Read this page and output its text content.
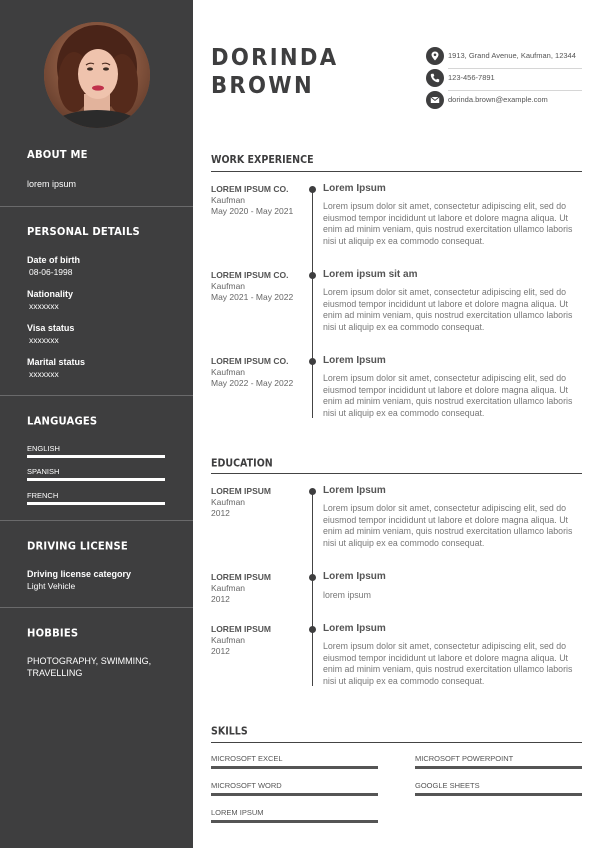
ABOUT ME
lorem ipsum
PERSONAL DETAILS
Date of birth
08-06-1998
Nationality
xxxxxxx
Visa status
xxxxxxx
Marital status
xxxxxxx
LANGUAGES
ENGLISH
SPANISH
FRENCH
DRIVING LICENSE
Driving license category
Light Vehicle
HOBBIES
PHOTOGRAPHY, SWIMMING,
TRAVELLING
DORINDA
BROWN
1913, Grand Avenue, Kaufman, 12344
123-456-7891
dorinda.brown@example.com
WORK EXPERIENCE
LOREM IPSUM CO.
Kaufman
May 2020 - May 2021
Lorem Ipsum
Lorem ipsum dolor sit amet, consectetur adipiscing elit, sed do eiusmod tempor incididunt ut labore et dolore magna aliqua. Ut enim ad minim veniam, quis nostrud exercitation ullamco laboris nisi ut aliquip ex ea commodo consequat.
LOREM IPSUM CO.
Kaufman
May 2021 - May 2022
Lorem ipsum sit am
Lorem ipsum dolor sit amet, consectetur adipiscing elit, sed do eiusmod tempor incididunt ut labore et dolore magna aliqua. Ut enim ad minim veniam, quis nostrud exercitation ullamco laboris nisi ut aliquip ex ea commodo consequat.
LOREM IPSUM CO.
Kaufman
May 2022 - May 2022
Lorem Ipsum
Lorem ipsum dolor sit amet, consectetur adipiscing elit, sed do eiusmod tempor incididunt ut labore et dolore magna aliqua. Ut enim ad minim veniam, quis nostrud exercitation ullamco laboris nisi ut aliquip ex ea commodo consequat.
EDUCATION
LOREM IPSUM
Kaufman
2012
Lorem Ipsum
Lorem ipsum dolor sit amet, consectetur adipiscing elit, sed do eiusmod tempor incididunt ut labore et dolore magna aliqua. Ut enim ad minim veniam, quis nostrud exercitation ullamco laboris nisi ut aliquip ex ea commodo consequat.
LOREM IPSUM
Kaufman
2012
Lorem Ipsum
lorem ipsum
LOREM IPSUM
Kaufman
2012
Lorem Ipsum
Lorem ipsum dolor sit amet, consectetur adipiscing elit, sed do eiusmod tempor incididunt ut labore et dolore magna aliqua. Ut enim ad minim veniam, quis nostrud exercitation ullamco laboris nisi ut aliquip ex ea commodo consequat.
SKILLS
MICROSOFT EXCEL	MICROSOFT POWERPOINT
MICROSOFT WORD	GOOGLE SHEETS
LOREM IPSUM
